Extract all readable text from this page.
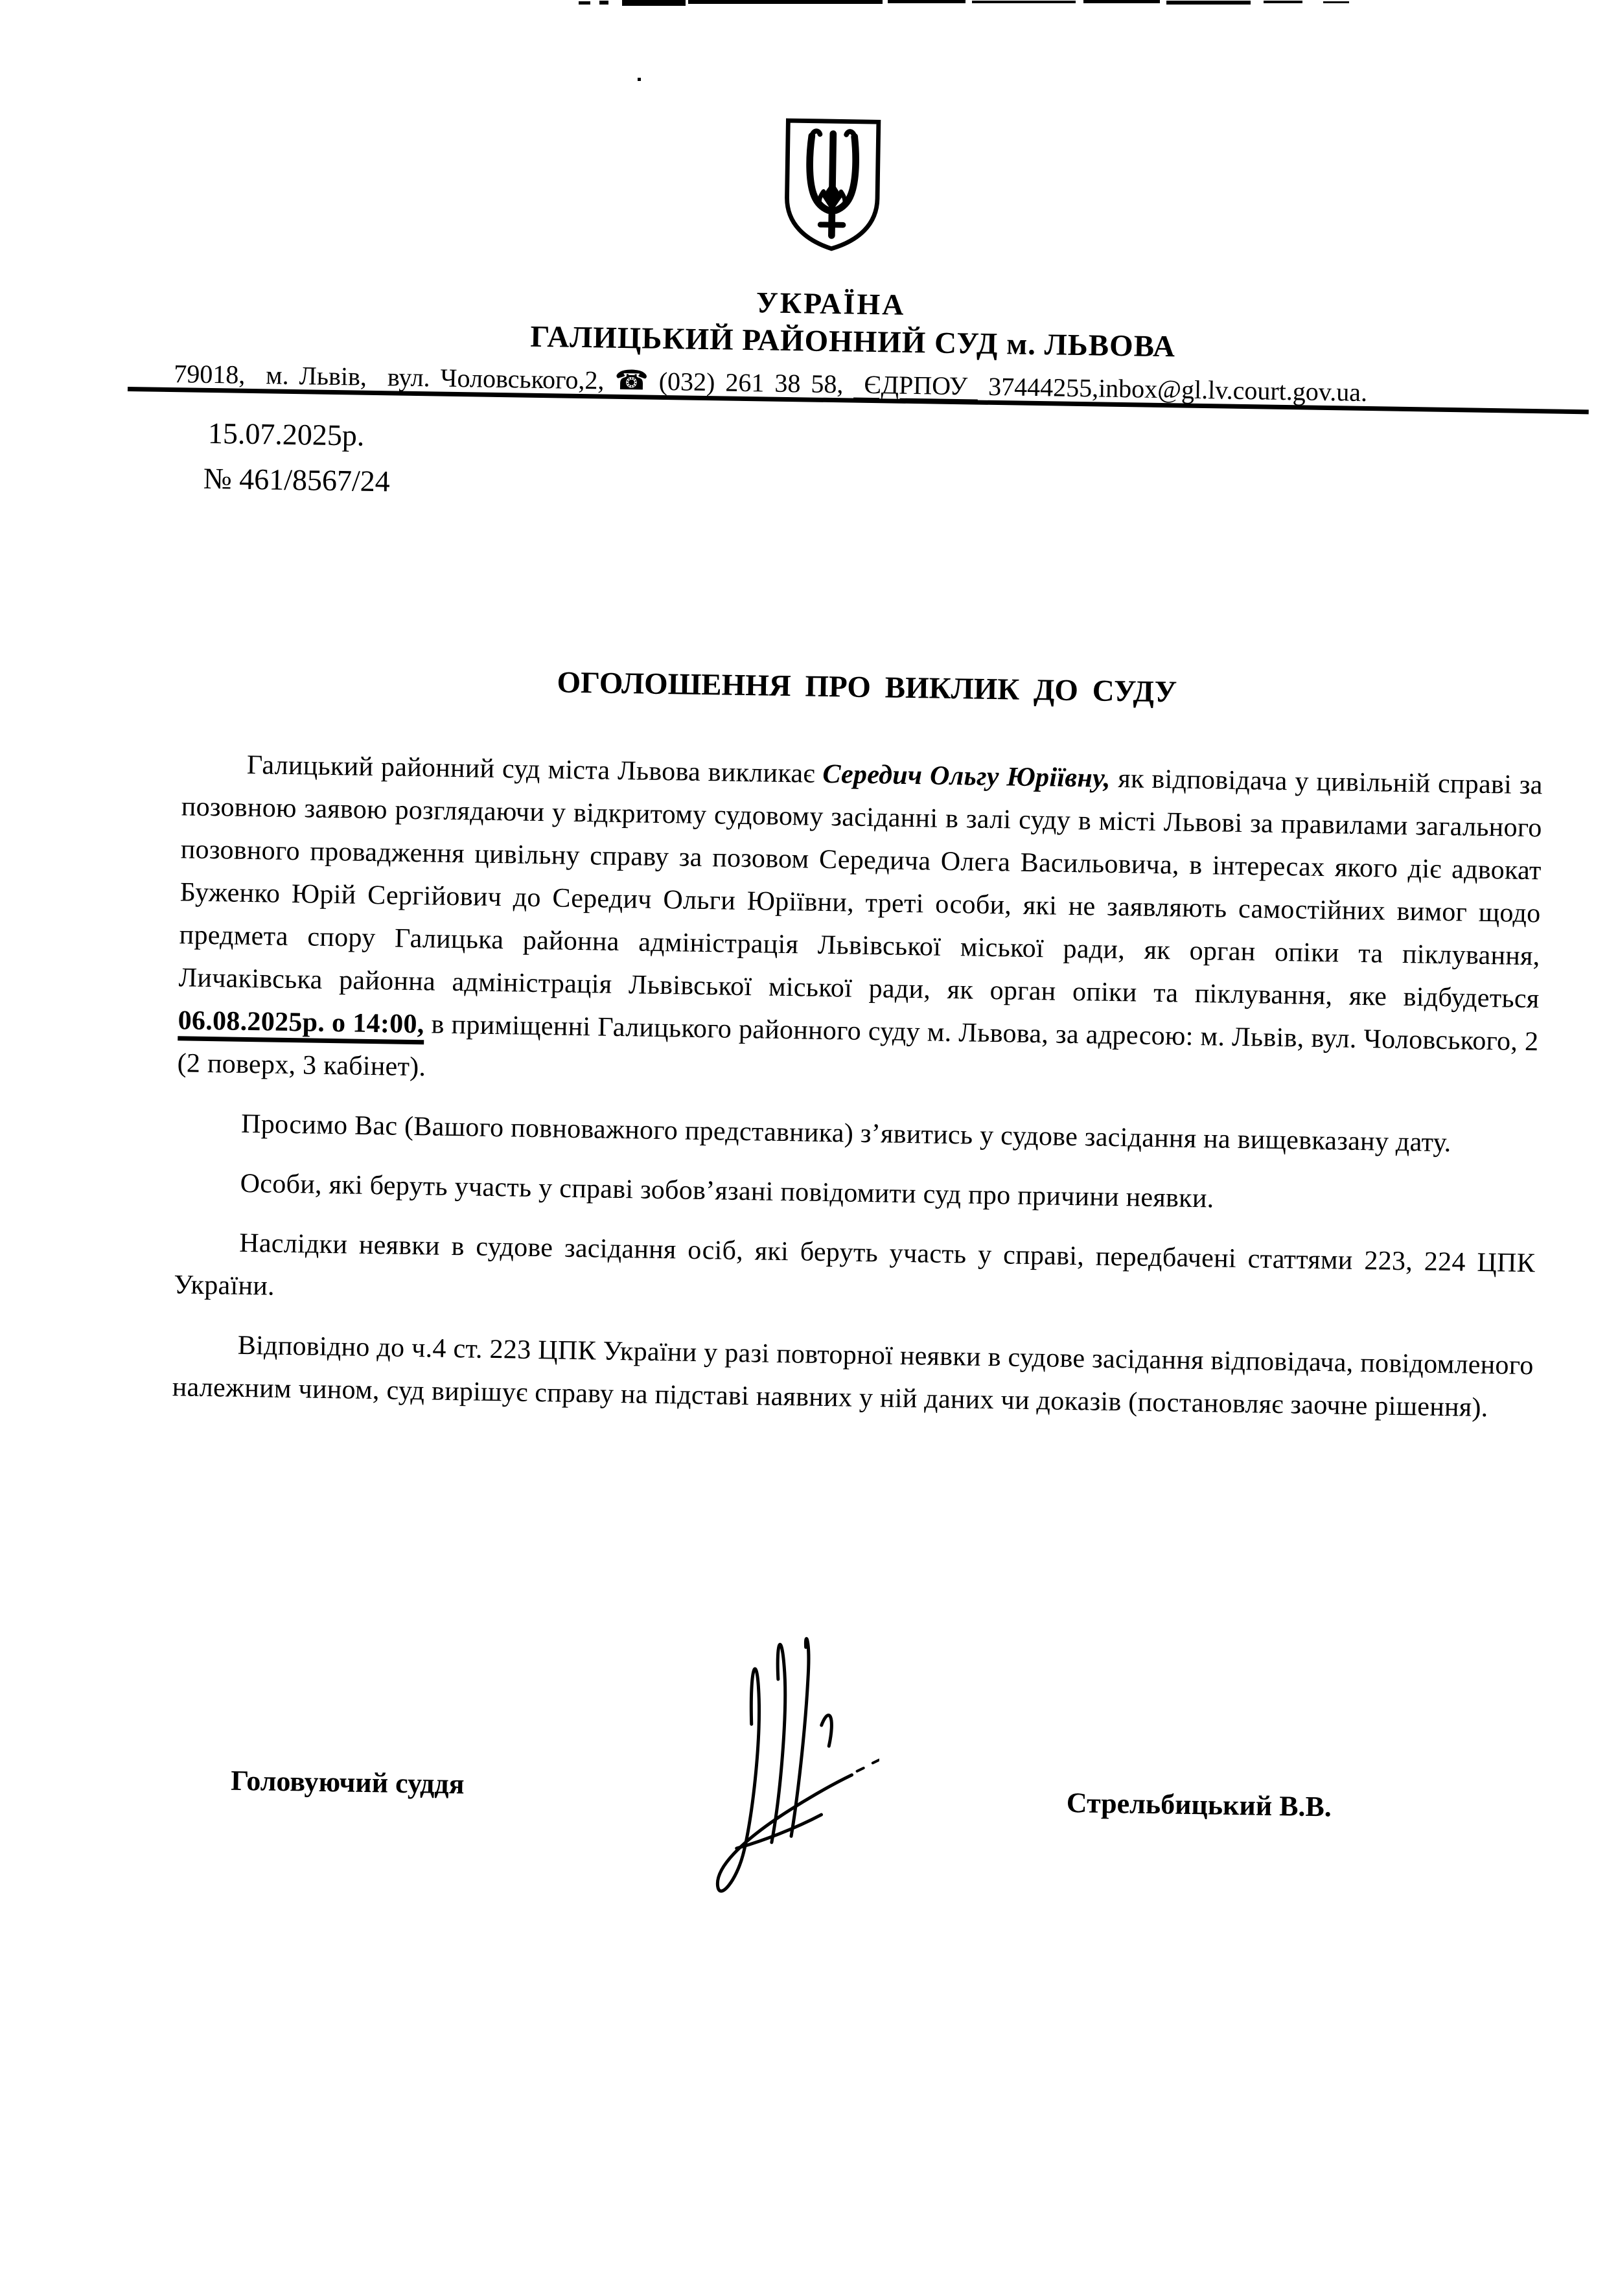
УКРАЇНА
ГАЛИЦЬКИЙ РАЙОННИЙ СУД м. ЛЬВОВА
79018,  м. Львів,  вул. Чоловського,2, ☎ (032) 261 38 58,  ЄДРПОУ  37444255,inbox@gl.lv.court.gov.ua.
15.07.2025р.
№ 461/8567/24
ОГОЛОШЕННЯ ПРО ВИКЛИК ДО СУДУ

Галицький районний суд міста Львова викликає Середич Ольгу Юріївну, як відповідача у цивільній справі за позовною заявою розглядаючи у відкритому судовому засіданні в залі суду в місті Львові за правилами загального позовного провадження цивільну справу за позовом Середича Олега Васильовича, в інтересах якого діє адвокат Буженко Юрій Сергійович до Середич Ольги Юріївни, треті особи, які не заявляють самостійних вимог щодо предмета спору Галицька районна адміністрація Львівської міської ради, як орган опіки та піклування, Личаківська районна адміністрація Львівської міської ради, як орган опіки та піклування, яке відбудеться 06.08.2025р. о 14:00, в приміщенні Галицького районного суду м. Львова, за адресою: м. Львів, вул. Чоловського, 2 (2 поверх, 3 кабінет).

Просимо Вас (Вашого повноважного представника) з’явитись у судове засідання на вищевказану дату.

Особи, які беруть участь у справі зобов’язані повідомити суд про причини неявки.

Наслідки неявки в судове засідання осіб, які беруть участь у справі, передбачені статтями 223, 224 ЦПК України.

Відповідно до ч.4 ст. 223 ЦПК України у разі повторної неявки в судове засідання відповідача, повідомленого належним чином, суд вирішує справу на підставі наявних у ній даних чи доказів (постановляє заочне рішення).

Головуючий суддя
Стрельбицький В.В.
